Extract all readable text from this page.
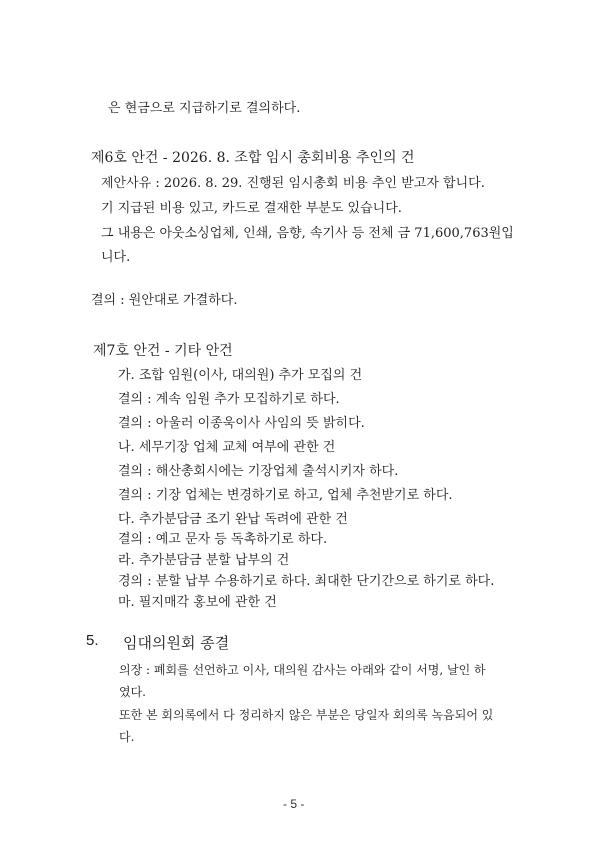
은 현금으로 지급하기로 결의하다.
제6호 안건 - 2026. 8. 조합 임시 총회비용 추인의 건
제안사유 : 2026. 8. 29. 진행된 임시총회 비용 추인 받고자 합니다.
기 지급된 비용 있고, 카드로 결재한 부분도 있습니다.
그 내용은 아웃소싱업체, 인쇄, 음향, 속기사 등 전체 금 71,600,763원입
니다.
결의 : 원안대로 가결하다.
제7호 안건 - 기타 안건
가. 조합 임원(이사, 대의원) 추가 모집의 건
결의 : 계속 임원 추가 모집하기로 하다.
결의 : 아울러 이종욱이사 사임의 뜻 밝히다.
나. 세무기장 업체 교체 여부에 관한 건
결의 : 해산총회시에는 기장업체 출석시키자 하다.
결의 : 기장 업체는 변경하기로 하고, 업체 추천받기로 하다.
다. 추가분담금 조기 완납 독려에 관한 건
결의 : 예고 문자 등 독촉하기로 하다.
라. 추가분담금 분할 납부의 건
경의 : 분할 납부 수용하기로 하다. 최대한 단기간으로 하기로 하다.
마. 필지매각 홍보에 관한 건
5. 임대의원회 종결
의장 : 폐회를 선언하고 이사, 대의원 감사는 아래와 같이 서명, 날인 하
였다.
또한 본 회의록에서 다 정리하지 않은 부분은 당일자 회의록 녹음되어 있
다.
- 5 -
